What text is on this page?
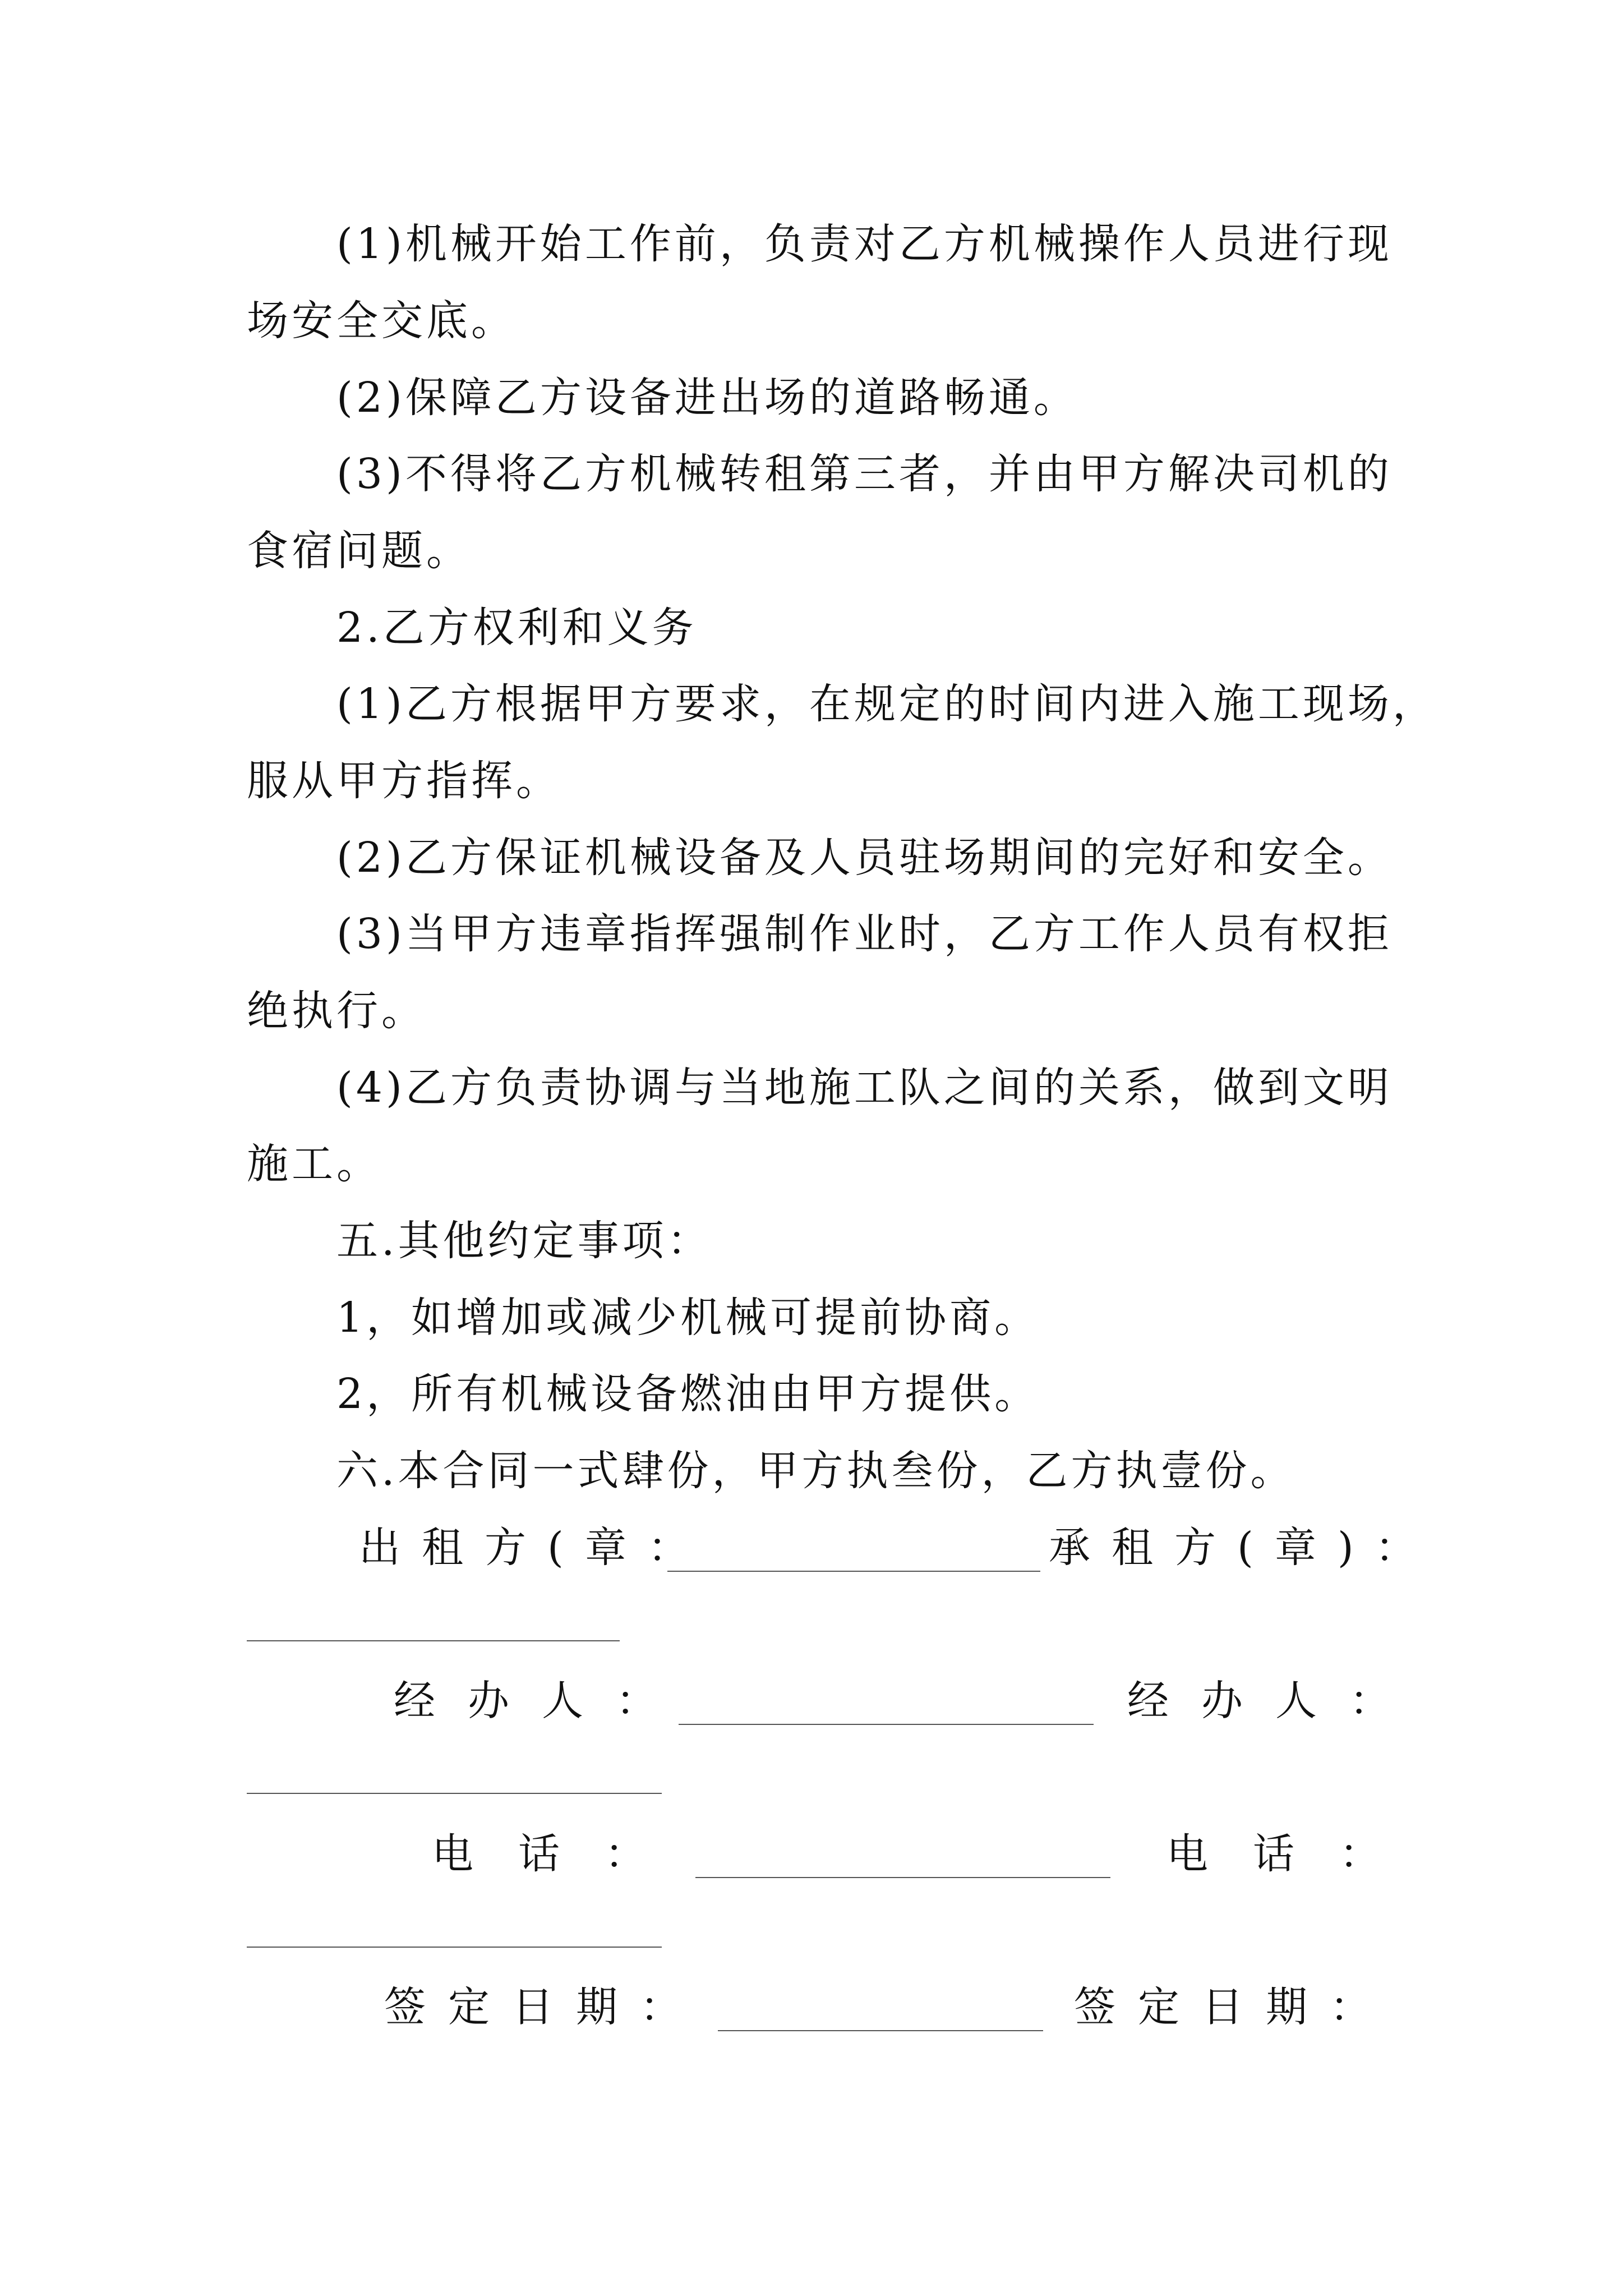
(1)机械开始工作前，负责对乙方机械操作人员进行现
场安全交底。
(2)保障乙方设备进出场的道路畅通。
(3)不得将乙方机械转租第三者，并由甲方解决司机的
食宿问题。
2.乙方权利和义务
(1)乙方根据甲方要求，在规定的时间内进入施工现场，
服从甲方指挥。
(2)乙方保证机械设备及人员驻场期间的完好和安全。
(3)当甲方违章指挥强制作业时，乙方工作人员有权拒
绝执行。
(4)乙方负责协调与当地施工队之间的关系，做到文明
施工。
五.其他约定事项：
1，如增加或减少机械可提前协商。
2，所有机械设备燃油由甲方提供。
六.本合同一式肆份，甲方执叁份，乙方执壹份。
出租方(章：	承租方(章)：
经办人：	经办人：
电话：	电话：
签定日期：	签定日期：
